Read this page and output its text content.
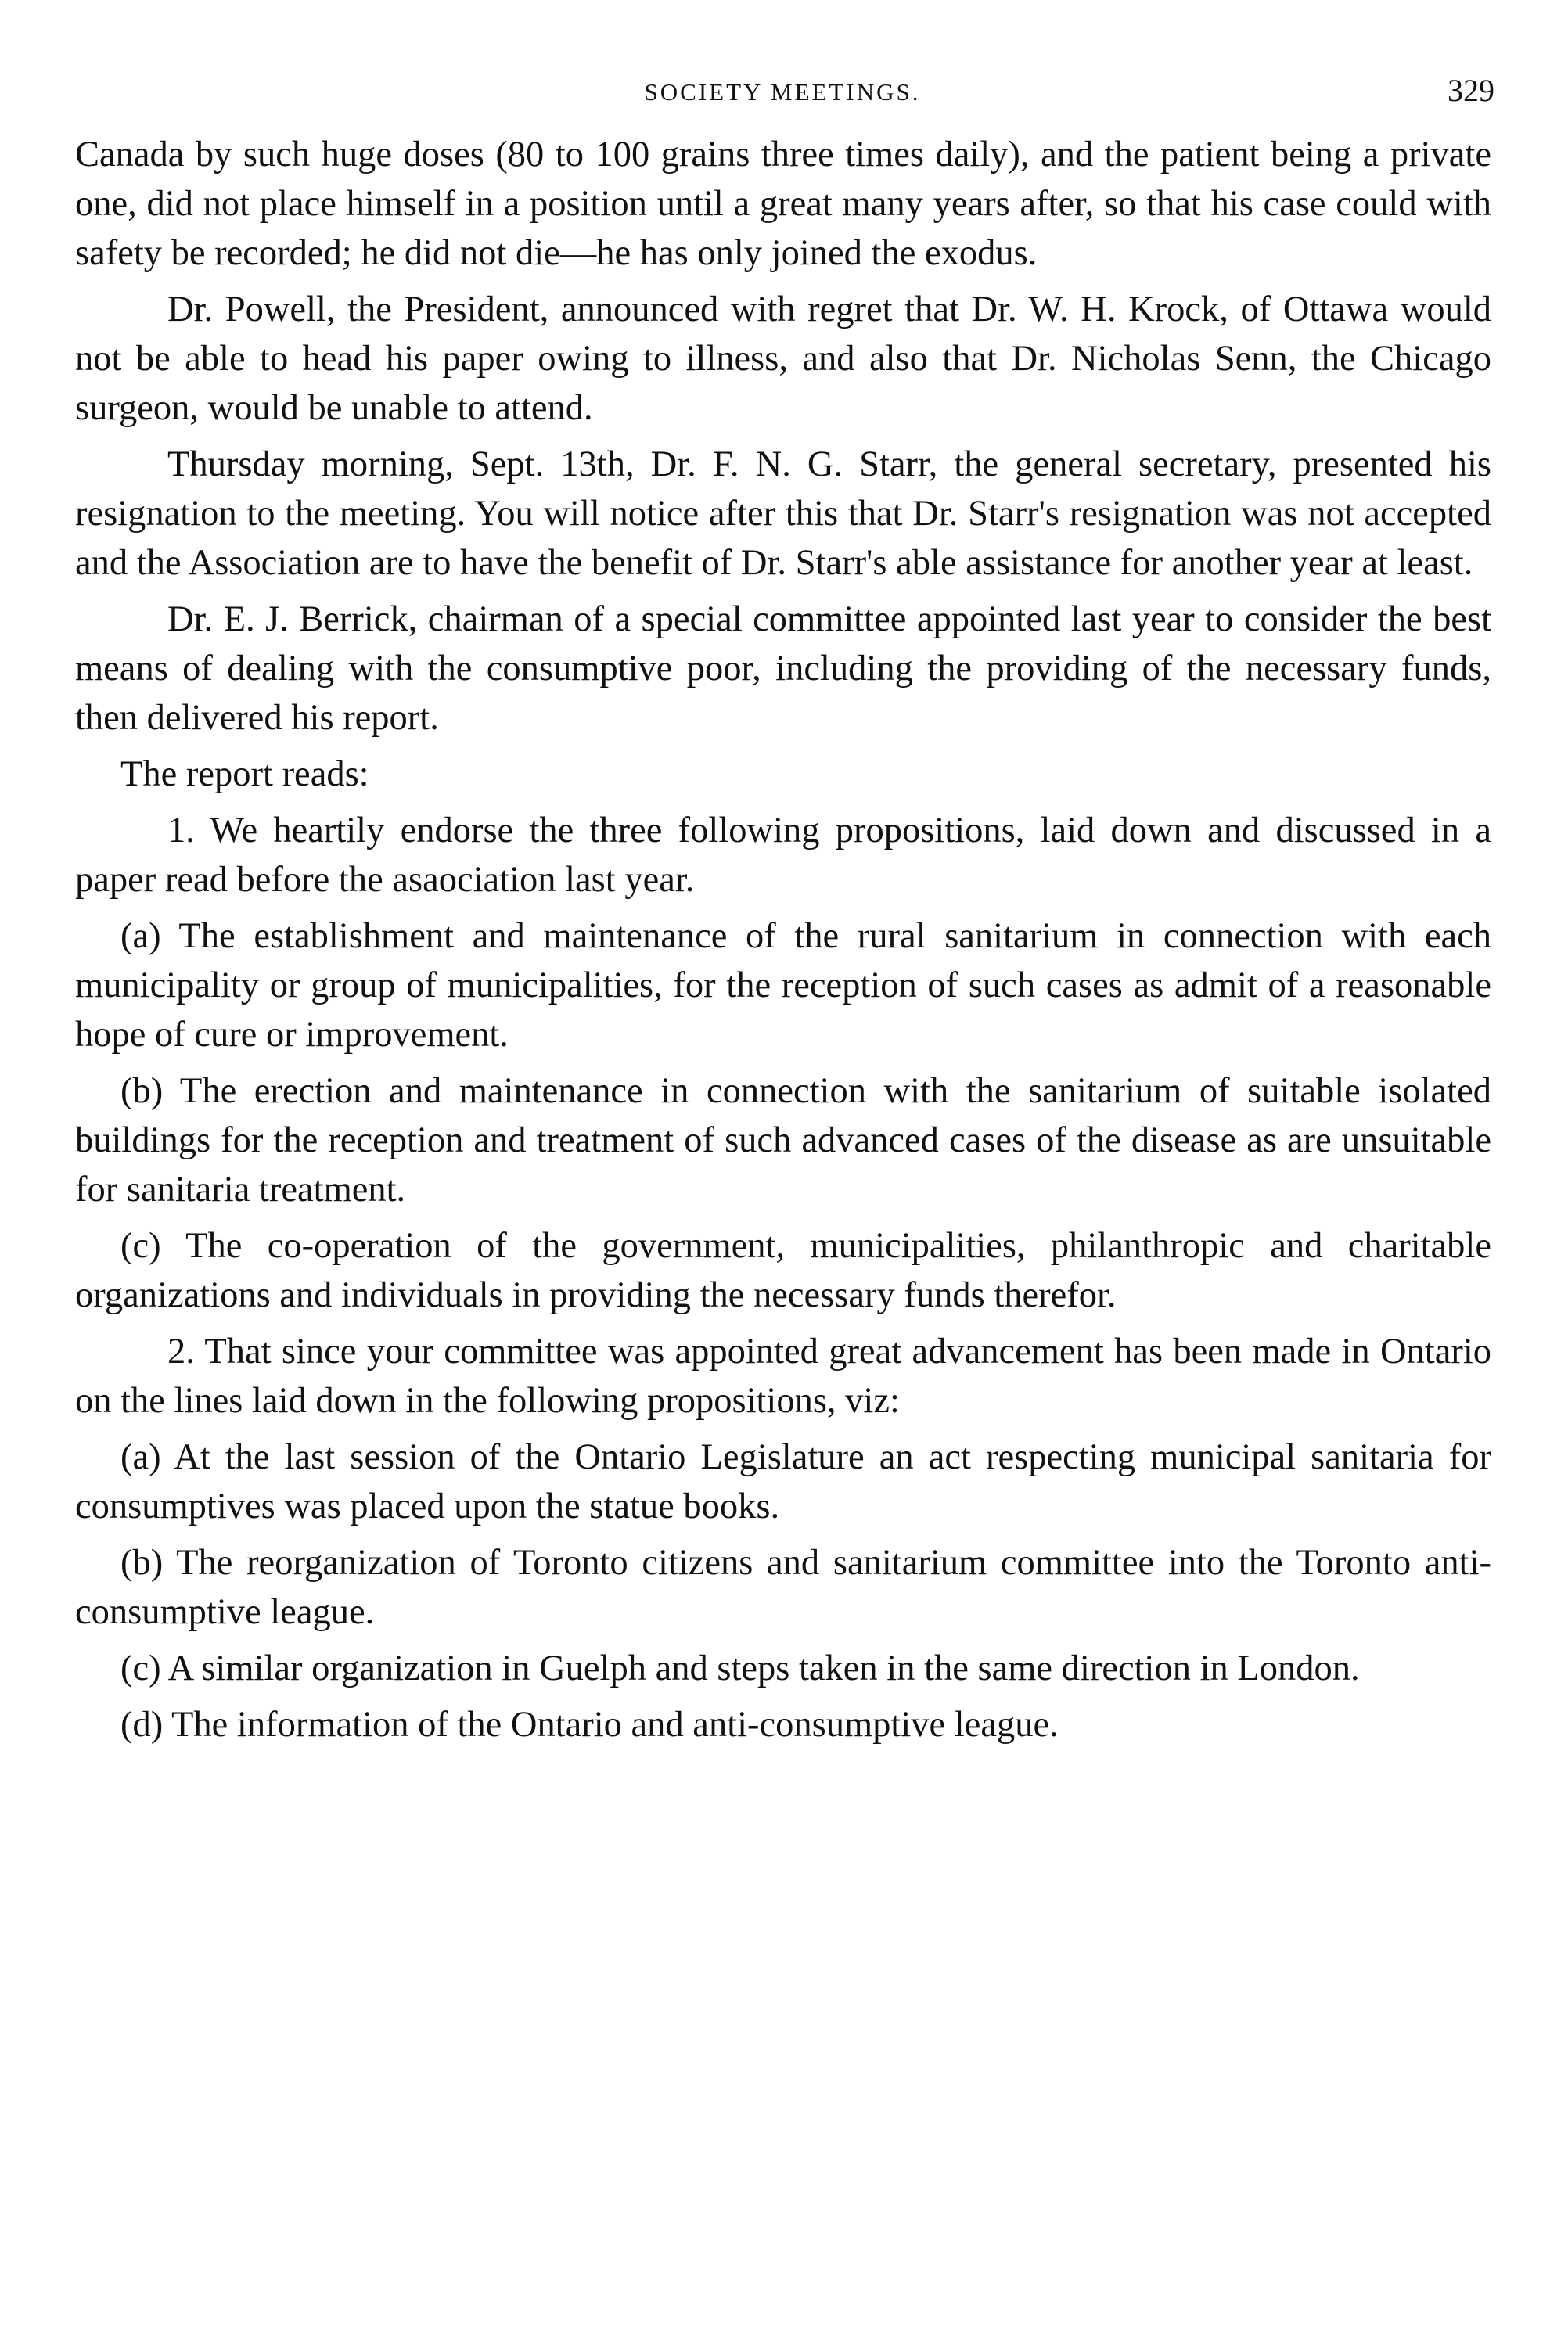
SOCIETY MEETINGS.	329

Canada by such huge doses (80 to 100 grains three times daily), and the patient being a private one, did not place himself in a position until a great many years after, so that his case could with safety be recorded; he did not die—he has only joined the exodus.

Dr. Powell, the President, announced with regret that Dr. W. H. Krock, of Ottawa would not be able to head his paper owing to illness, and also that Dr. Nicholas Senn, the Chicago surgeon, would be unable to attend.

Thursday morning, Sept. 13th, Dr. F. N. G. Starr, the general secretary, presented his resignation to the meeting. You will notice after this that Dr. Starr's resignation was not accepted and the Association are to have the benefit of Dr. Starr's able assistance for another year at least.

Dr. E. J. Berrick, chairman of a special committee appointed last year to consider the best means of dealing with the consumptive poor, including the providing of the necessary funds, then delivered his report.

The report reads:

1. We heartily endorse the three following propositions, laid down and discussed in a paper read before the asaociation last year.

(a) The establishment and maintenance of the rural sanitarium in connection with each municipality or group of municipalities, for the reception of such cases as admit of a reasonable hope of cure or improvement.

(b) The erection and maintenance in connection with the sanitarium of suitable isolated buildings for the reception and treatment of such advanced cases of the disease as are unsuitable for sanitaria treatment.

(c) The co-operation of the government, municipalities, philanthropic and charitable organizations and individuals in providing the necessary funds therefor.

2. That since your committee was appointed great advancement has been made in Ontario on the lines laid down in the following propositions, viz:

(a) At the last session of the Ontario Legislature an act respecting municipal sanitaria for consumptives was placed upon the statue books.

(b) The reorganization of Toronto citizens and sanitarium committee into the Toronto anti-consumptive league.

(c) A similar organization in Guelph and steps taken in the same direction in London.

(d) The information of the Ontario and anti-consumptive league.
